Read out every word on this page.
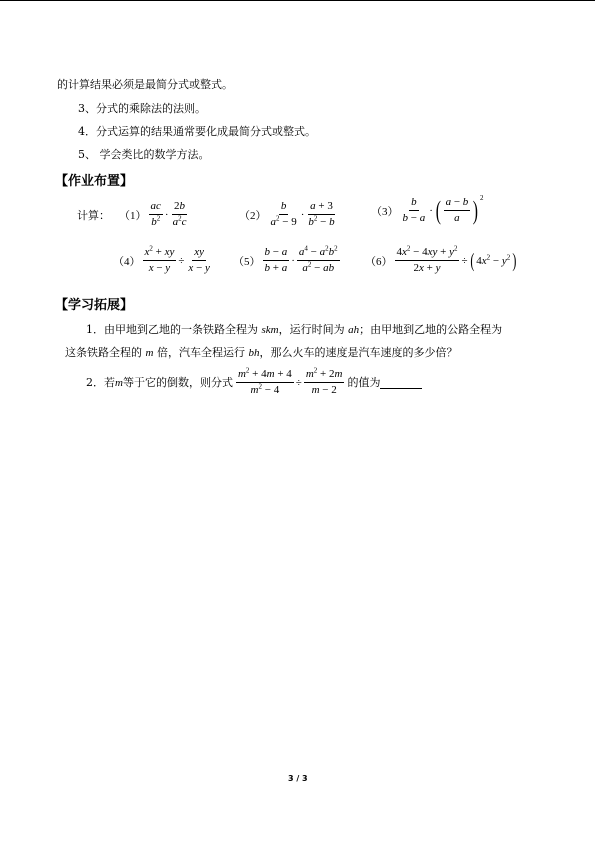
的计算结果必须是最简分式或整式。
3、分式的乘除法的法则。
4．分式运算的结果通常要化成最简分式或整式。
5、 学会类比的数学方法。
【作业布置】
计算： $(1) \frac{ac}{b^2} \cdot \frac{2b}{a^2c}$	$(2) \frac{b}{a^2 - 9} \cdot \frac{a + 3}{b^2 - b}$	$(3) \frac{b}{b - a}$ · ( $\frac{a - b}{a}$ ) $^2$
$(4) \frac{x^2 + xy}{x - y} \div \frac{xy}{x - y} (5) \frac{b - a}{b + a} \cdot \frac{a^4 - a^2b^2}{a^2 - ab} (6) \frac{4x^2 - 4xy + y^2}{2x + y}$ ÷ ( $4x^2 - y^2$ )
【学习拓展】
1．由甲地到乙地的一条铁路全程为 skm，运行时间为 ah；由甲地到乙地的公路全程为
这条铁路全程的 m 倍，汽车全程运行 bh，那么火车的速度是汽车速度的多少倍？
2．若 m 等于它的倒数，则分式 $\frac{m^2 + 4m + 4}{m^2 - 4} \div \frac{m^2 + 2m}{m - 2}$ 的值为
3 / 3
